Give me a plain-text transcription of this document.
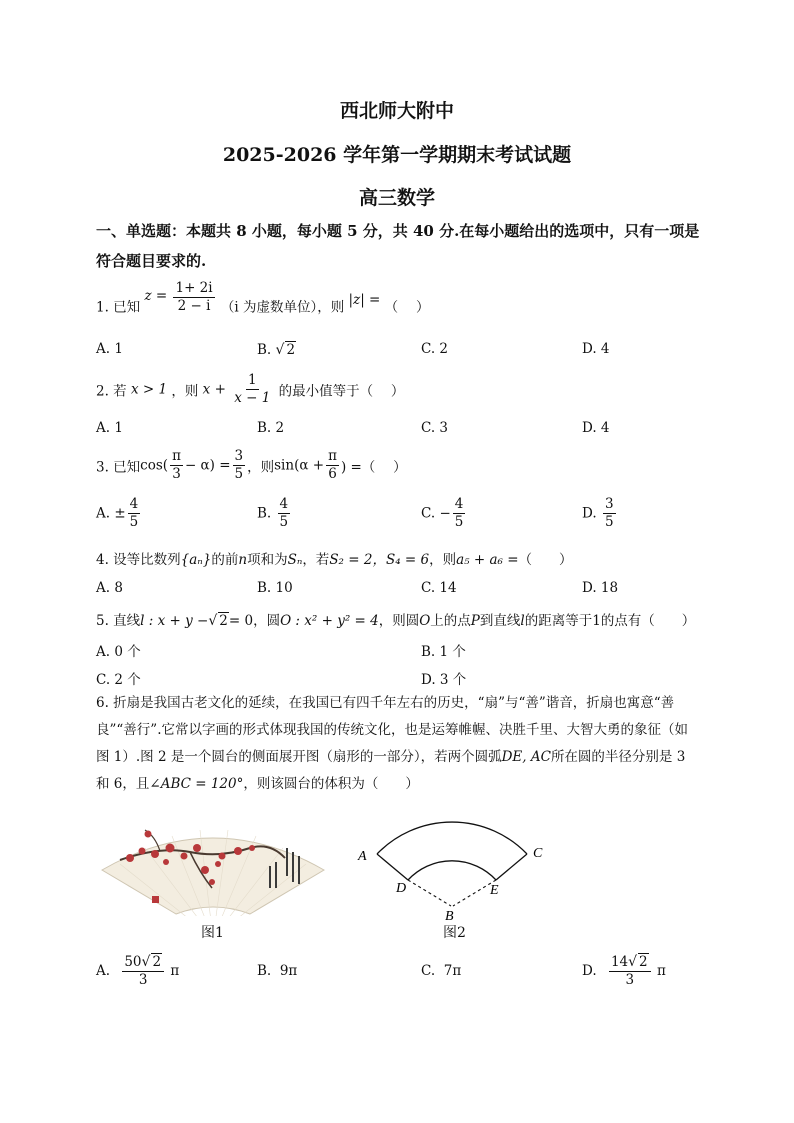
西北师大附中
2025-2026 学年第一学期期末考试试题
高三数学
一、单选题：本题共 8 小题，每小题 5 分，共 40 分.在每小题给出的选项中，只有一项是符合题目要求的.
1. 已知 $z = \frac{1+ 2i}{2 - i} (i$ 为虚数单位），则 |z| = （　 ）
A. 1	B. √ 2	C. 2	D. 4
2. 若 x > 1 ，则 $x + \frac{1}{x - 1}$ 的最小值等于（　 ）
A. 1	B. 2	C. 3	D. 4
3. 已知$\cos( \frac{\pi}{3} - \alpha) = \frac{3}{5}$ ，则$\sin(\alpha + \frac{\pi}{6}$ ) =（　 ）
A. ± $\frac{4}{5}$	B. $\frac{4}{5}$	C. − $\frac{4}{5}$	D. $\frac{3}{5}$
4. 设等比数列{aₙ}的前n项和为Sₙ，若S₂ = 2，S₄ = 6，则a₅ + a₆ =（　　）
A. 8	B. 10	C. 14	D. 18
5. 直线l : x + y −√ 2= 0，圆O : x² + y² = 4，则圆O上的点P到直线l的距离等于1的点有（　　）
A. 0 个	B. 1 个
C. 2 个	D. 3 个
6. 折扇是我国古老文化的延续，在我国已有四千年左右的历史，“扇”与“善”谐音，折扇也寓意“善
良”“善行”.它常以字画的形式体现我国的传统文化，也是运筹帷幄、决胜千里、大智大勇的象征（如
图 1）.图 2 是一个圆台的侧面展开图（扇形的一部分），若两个圆弧DE, AC所在圆的半径分别是 3
和 6，且∠ABC = 120°，则该圆台的体积为（　　）
图1
A	C
D	E
B
图2
A. $\frac{50√ 2}{3}$ π	B. 9π	C. 7π	D. $\frac{14√ 2}{3}$ π
